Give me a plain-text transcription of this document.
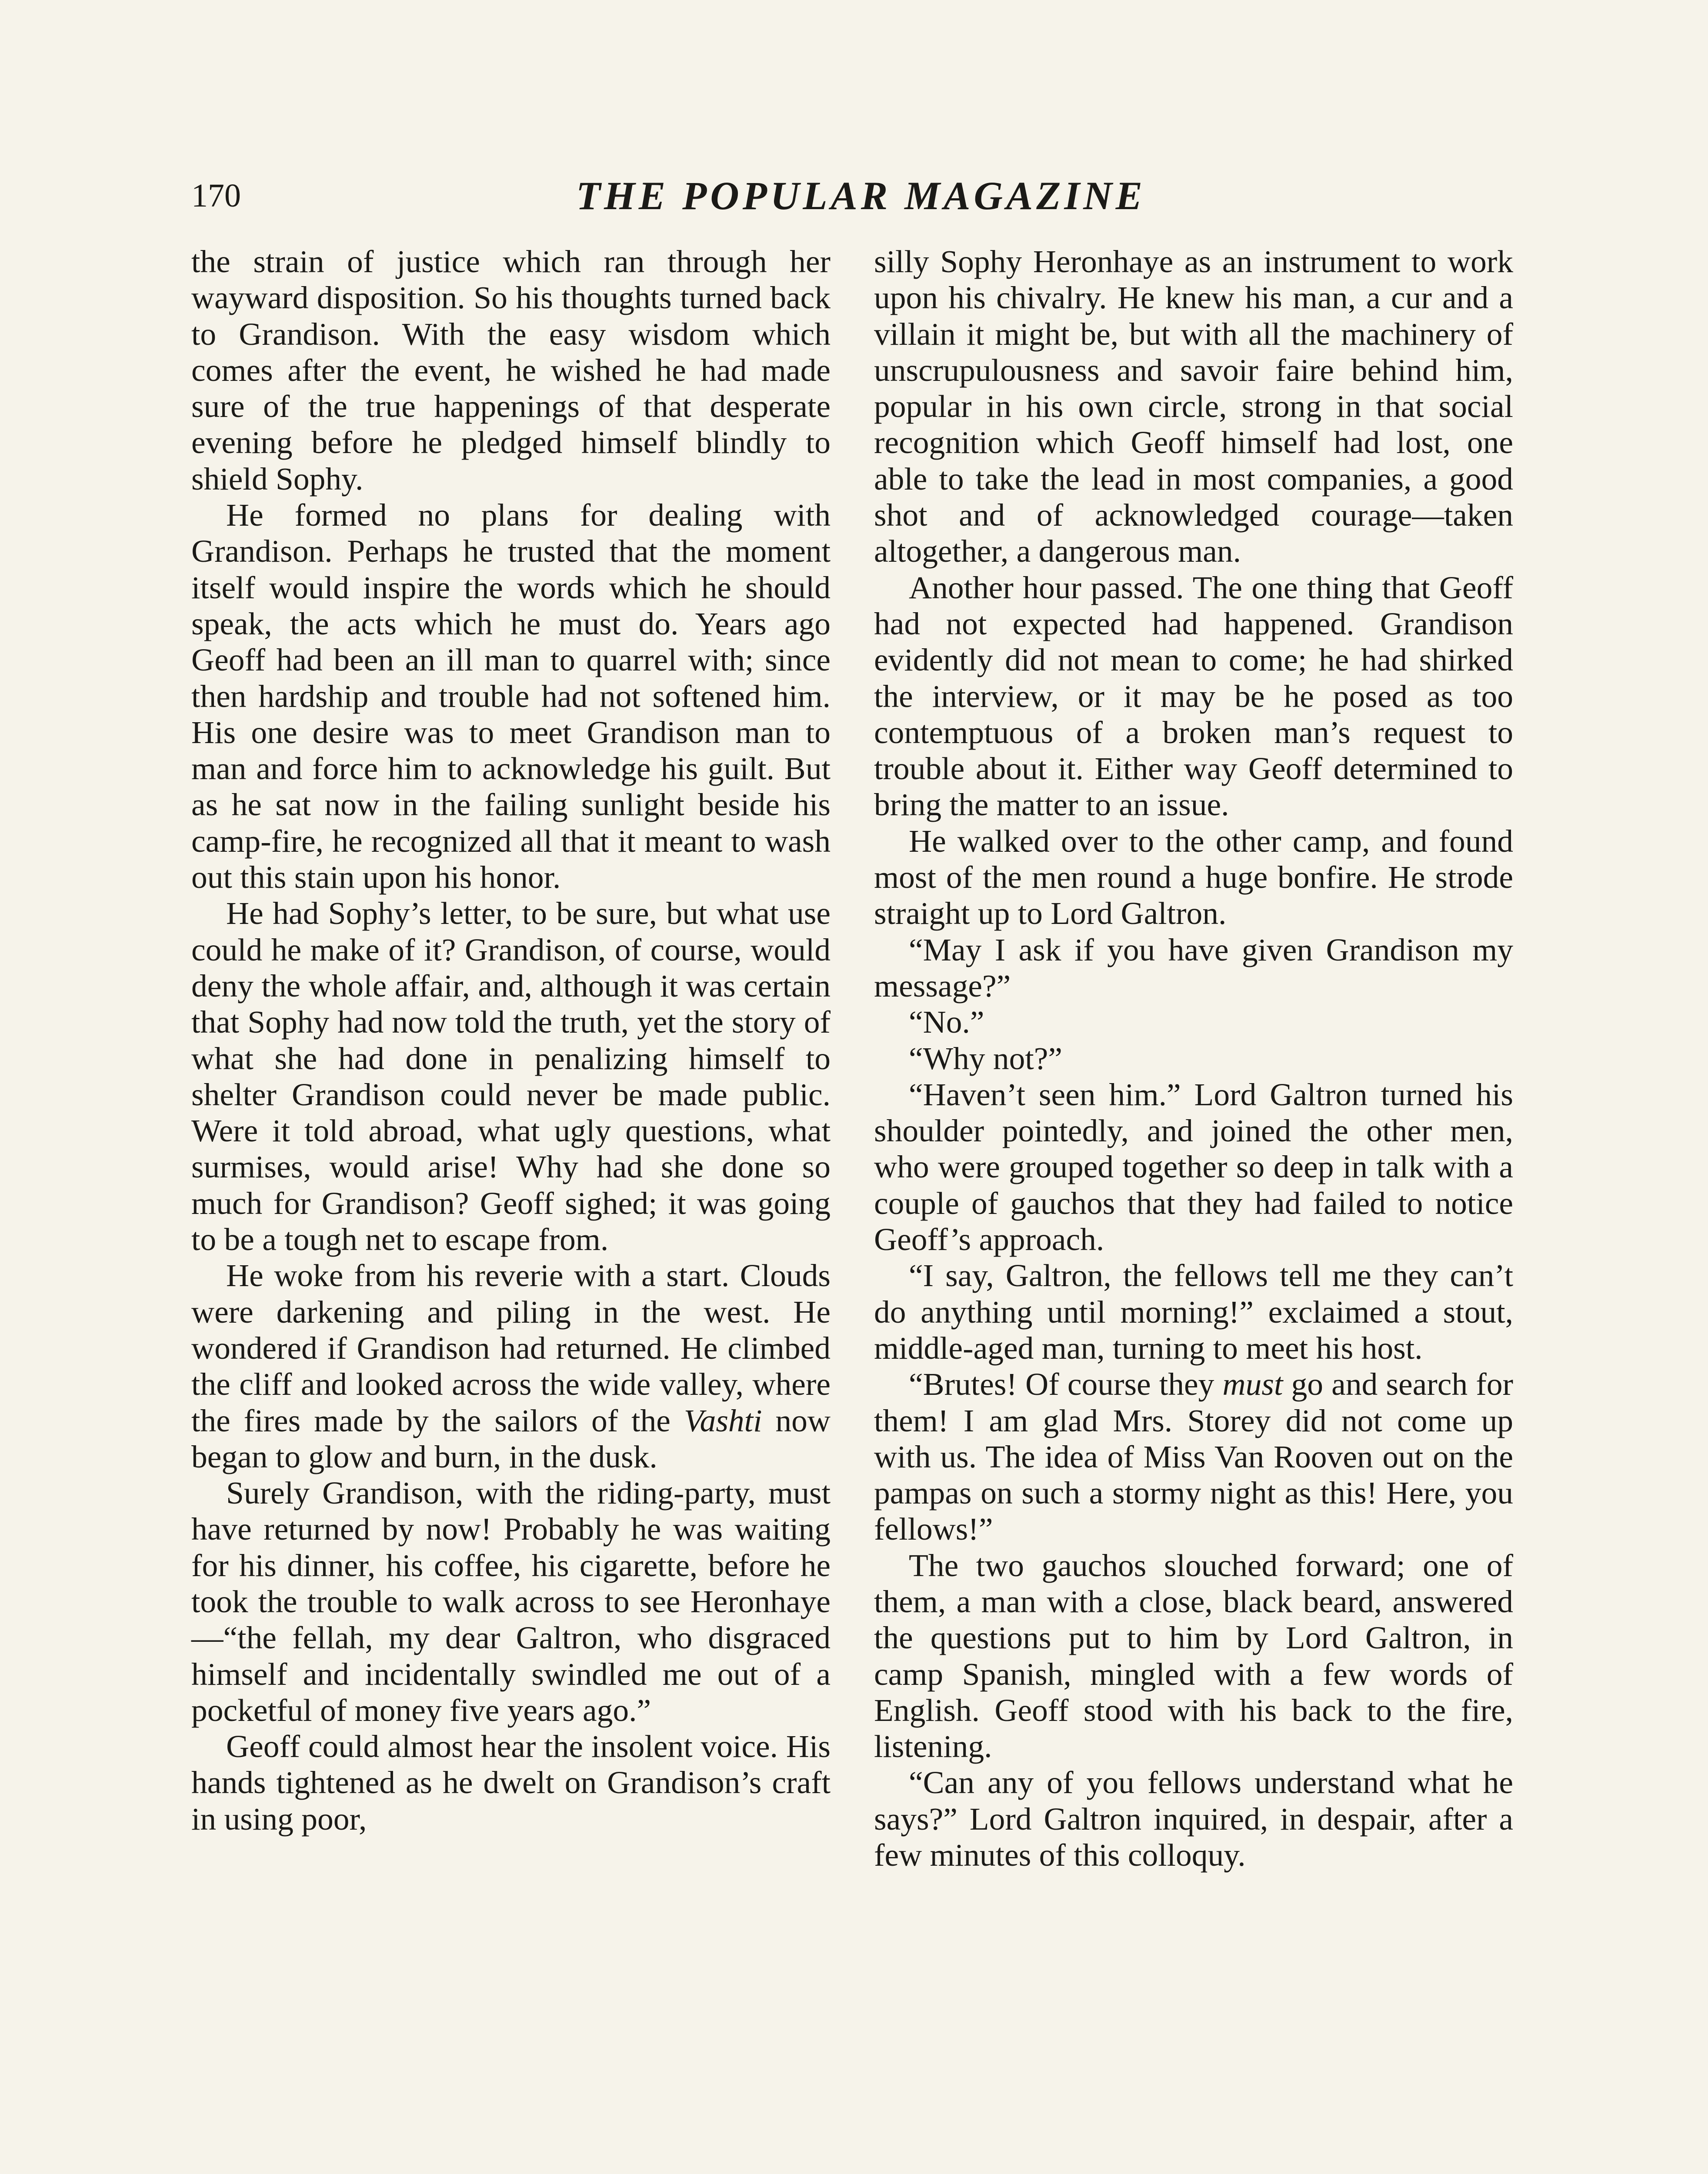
170	THE POPULAR MAGAZINE

the strain of justice which ran through her wayward disposition. So his thoughts turned back to Grandison. With the easy wisdom which comes after the event, he wished he had made sure of the true happenings of that desperate evening before he pledged himself blindly to shield Sophy.

He formed no plans for dealing with Grandison. Perhaps he trusted that the moment itself would inspire the words which he should speak, the acts which he must do. Years ago Geoff had been an ill man to quarrel with; since then hardship and trouble had not softened him. His one desire was to meet Grandison man to man and force him to acknowledge his guilt. But as he sat now in the failing sunlight beside his camp-fire, he recognized all that it meant to wash out this stain upon his honor.

He had Sophy’s letter, to be sure, but what use could he make of it? Grandison, of course, would deny the whole affair, and, although it was certain that Sophy had now told the truth, yet the story of what she had done in penalizing himself to shelter Grandison could never be made public. Were it told abroad, what ugly questions, what surmises, would arise! Why had she done so much for Grandison? Geoff sighed; it was going to be a tough net to escape from.

He woke from his reverie with a start. Clouds were darkening and piling in the west. He wondered if Grandison had returned. He climbed the cliff and looked across the wide valley, where the fires made by the sailors of the Vashti now began to glow and burn, in the dusk.

Surely Grandison, with the riding-party, must have returned by now! Probably he was waiting for his dinner, his coffee, his cigarette, before he took the trouble to walk across to see Heronhaye—“the fellah, my dear Galtron, who disgraced himself and incidentally swindled me out of a pocketful of money five years ago.”

Geoff could almost hear the insolent voice. His hands tightened as he dwelt on Grandison’s craft in using poor,

silly Sophy Heronhaye as an instrument to work upon his chivalry. He knew his man, a cur and a villain it might be, but with all the machinery of unscrupulousness and savoir faire behind him, popular in his own circle, strong in that social recognition which Geoff himself had lost, one able to take the lead in most companies, a good shot and of acknowledged courage—taken altogether, a dangerous man.

Another hour passed. The one thing that Geoff had not expected had happened. Grandison evidently did not mean to come; he had shirked the interview, or it may be he posed as too contemptuous of a broken man’s request to trouble about it. Either way Geoff determined to bring the matter to an issue.

He walked over to the other camp, and found most of the men round a huge bonfire. He strode straight up to Lord Galtron.

“May I ask if you have given Grandison my message?”

“No.”

“Why not?”

“Haven’t seen him.” Lord Galtron turned his shoulder pointedly, and joined the other men, who were grouped together so deep in talk with a couple of gauchos that they had failed to notice Geoff’s approach.

“I say, Galtron, the fellows tell me they can’t do anything until morning!” exclaimed a stout, middle-aged man, turning to meet his host.

“Brutes! Of course they must go and search for them! I am glad Mrs. Storey did not come up with us. The idea of Miss Van Rooven out on the pampas on such a stormy night as this! Here, you fellows!”

The two gauchos slouched forward; one of them, a man with a close, black beard, answered the questions put to him by Lord Galtron, in camp Spanish, mingled with a few words of English. Geoff stood with his back to the fire, listening.

“Can any of you fellows understand what he says?” Lord Galtron inquired, in despair, after a few minutes of this colloquy.
